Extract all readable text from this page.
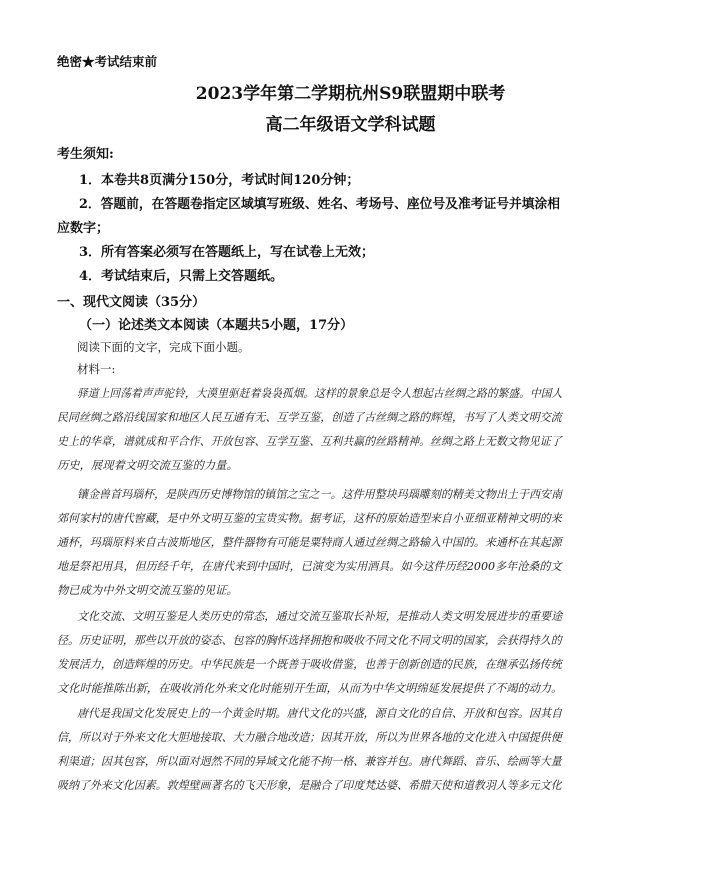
绝密★考试结束前
2023学年第二学期杭州S9联盟期中联考
高二年级语文学科试题
考生须知:
1．本卷共8页满分150分，考试时间120分钟；
2．答题前，在答题卷指定区域填写班级、姓名、考场号、座位号及准考证号并填涂相
应数字；
3．所有答案必须写在答题纸上，写在试卷上无效；
4．考试结束后，只需上交答题纸。
一、现代文阅读（35分）
（一）论述类文本阅读（本题共5小题，17分）
阅读下面的文字，完成下面小题。
材料一:
驿道上回荡着声声驼铃，大漠里驱赶着袅袅孤烟。这样的景象总是令人想起古丝绸之路的繁盛。中国人
民同丝绸之路沿线国家和地区人民互通有无、互学互鉴，创造了古丝绸之路的辉煌，书写了人类文明交流
史上的华章，谱就成和平合作、开放包容、互学互鉴、互利共赢的丝路精神。丝绸之路上无数文物见证了
历史，展现着文明交流互鉴的力量。
镶金兽首玛瑙杯，是陕西历史博物馆的镇馆之宝之一。这件用整块玛瑙雕刻的精美文物出土于西安南
郊何家村的唐代窖藏，是中外文明互鉴的宝贵实物。据考证，这杯的原始造型来自小亚细亚精神文明的来
通杯，玛瑙原料来自古波斯地区，整件器物有可能是粟特商人通过丝绸之路输入中国的。来通杯在其起源
地是祭祀用具，但历经千年，在唐代来到中国时，已演变为实用酒具。如今这件历经2000多年沧桑的文
物已成为中外文明交流互鉴的见证。
文化交流、文明互鉴是人类历史的常态，通过交流互鉴取长补短，是推动人类文明发展进步的重要途
径。历史证明，那些以开放的姿态、包容的胸怀选择拥抱和吸收不同文化不同文明的国家，会获得持久的
发展活力，创造辉煌的历史。中华民族是一个既善于吸收借鉴，也善于创新创造的民族，在继承弘扬传统
文化时能推陈出新，在吸收消化外来文化时能别开生面，从而为中华文明绵延发展提供了不竭的动力。
唐代是我国文化发展史上的一个黄金时期。唐代文化的兴盛，源自文化的自信、开放和包容。因其自
信，所以对于外来文化大胆地接取、大力融合地改造；因其开放，所以为世界各地的文化进入中国提供便
利渠道；因其包容，所以面对迥然不同的异域文化能不拘一格、兼容并包。唐代舞蹈、音乐、绘画等大量
吸纳了外来文化因素。敦煌壁画著名的飞天形象，是融合了印度梵达婆、希腊天使和道教羽人等多元文化
